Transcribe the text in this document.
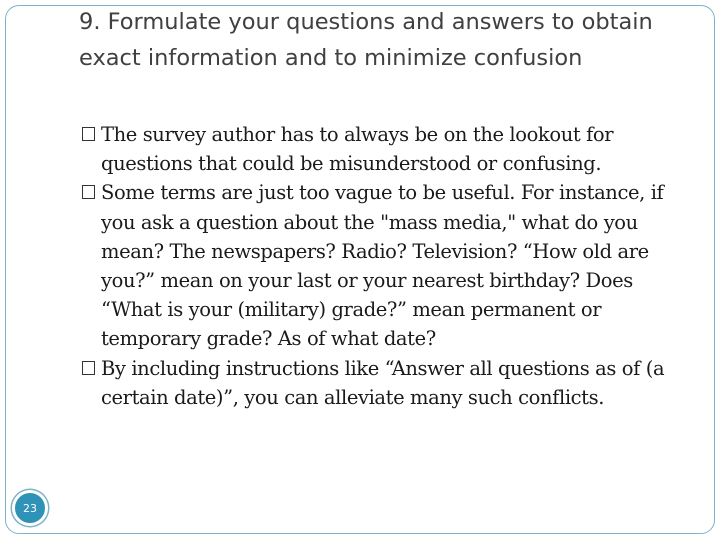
9. Formulate your questions and answers to obtain exact information and to minimize confusion
The survey author has to always be on the lookout for questions that could be misunderstood or confusing.
Some terms are just too vague to be useful. For instance, if you ask a question about the "mass media," what do you mean? The newspapers? Radio? Television? “How old are you?” mean on your last or your nearest birthday? Does “What is your (military) grade?” mean permanent or temporary grade? As of what date?
By including instructions like “Answer all questions as of (a certain date)”, you can alleviate many such conflicts.
23
